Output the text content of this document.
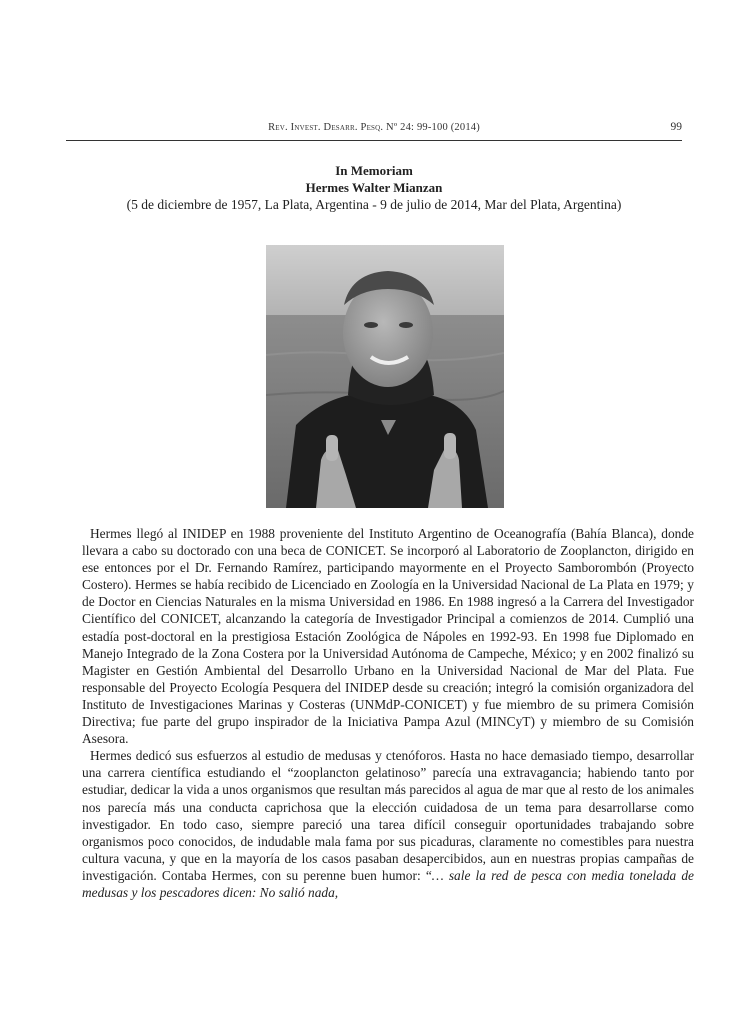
Rev. Invest. Desarr. Pesq. Nº 24: 99-100 (2014)	99
In Memoriam
Hermes Walter Mianzan
(5 de diciembre de 1957, La Plata, Argentina - 9 de julio de 2014, Mar del Plata, Argentina)

Hermes llegó al INIDEP en 1988 proveniente del Instituto Argentino de Oceanografía (Bahía Blanca), donde llevara a cabo su doctorado con una beca de CONICET. Se incorporó al Laboratorio de Zooplancton, dirigido en ese entonces por el Dr. Fernando Ramírez, participando mayormente en el Proyecto Samborombón (Proyecto Costero). Hermes se había recibido de Licenciado en Zoología en la Universidad Nacional de La Plata en 1979; y de Doctor en Ciencias Naturales en la misma Universidad en 1986. En 1988 ingresó a la Carrera del Investigador Científico del CONICET, alcanzando la categoría de Investigador Principal a comienzos de 2014. Cumplió una estadía post-doctoral en la prestigiosa Estación Zoológica de Nápoles en 1992-93. En 1998 fue Diplomado en Manejo Integrado de la Zona Costera por la Universidad Autónoma de Campeche, México; y en 2002 finalizó su Magister en Gestión Ambiental del Desarrollo Urbano en la Universidad Nacional de Mar del Plata. Fue responsable del Proyecto Ecología Pesquera del INIDEP desde su creación; integró la comisión organizadora del Instituto de Investigaciones Marinas y Costeras (UNMdP-CONICET) y fue miembro de su primera Comisión Directiva; fue parte del grupo inspirador de la Iniciativa Pampa Azul (MINCyT) y miembro de su Comisión Asesora.

Hermes dedicó sus esfuerzos al estudio de medusas y ctenóforos. Hasta no hace demasiado tiempo, desarrollar una carrera científica estudiando el “zooplancton gelatinoso” parecía una extravagancia; habiendo tanto por estudiar, dedicar la vida a unos organismos que resultan más parecidos al agua de mar que al resto de los animales nos parecía más una conducta caprichosa que la elección cuidadosa de un tema para desarrollarse como investigador. En todo caso, siempre pareció una tarea difícil conseguir oportunidades trabajando sobre organismos poco conocidos, de indudable mala fama por sus picaduras, claramente no comestibles para nuestra cultura vacuna, y que en la mayoría de los casos pasaban desapercibidos, aun en nuestras propias campañas de investigación. Contaba Hermes, con su perenne buen humor: “… sale la red de pesca con media tonelada de medusas y los pescadores dicen: No salió nada,
